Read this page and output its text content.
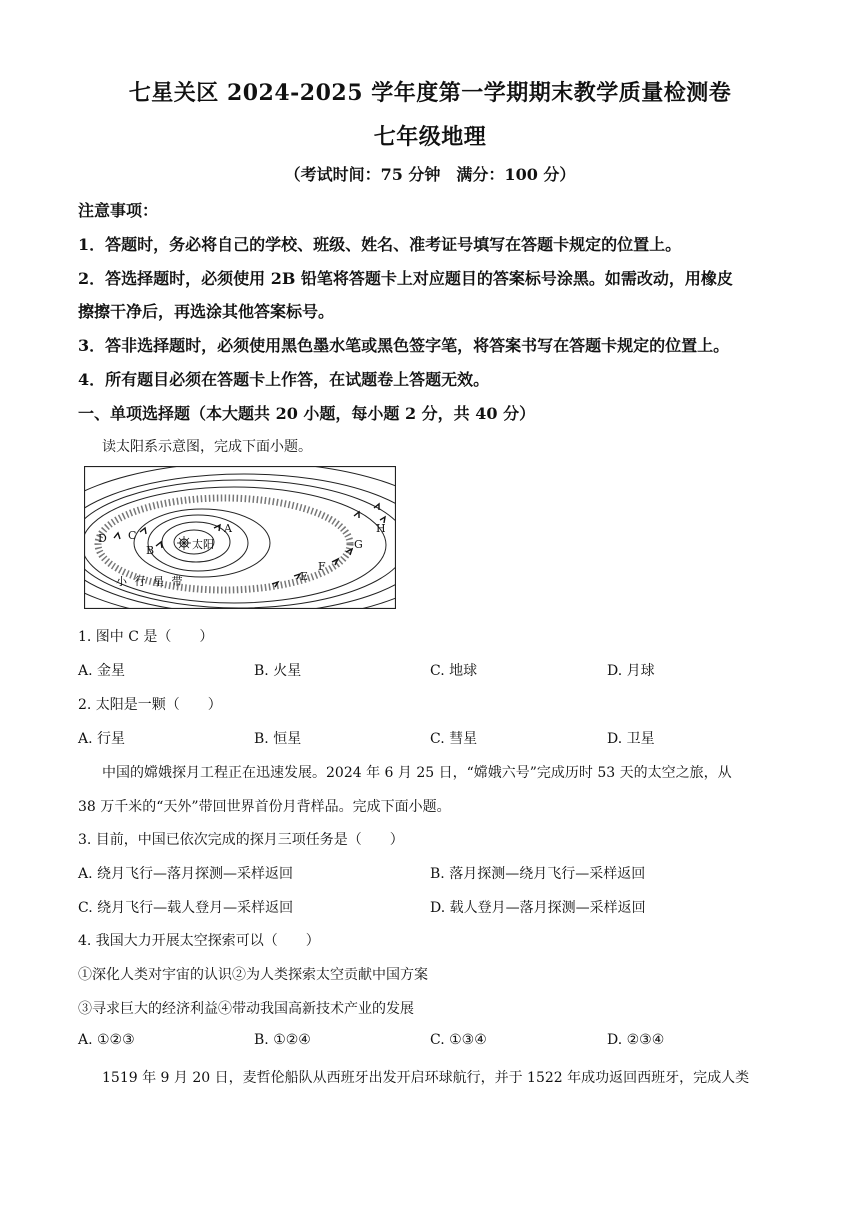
七星关区 2024-2025 学年度第一学期期末教学质量检测卷
七年级地理
（考试时间：75 分钟　满分：100 分）
注意事项：
1．答题时，务必将自己的学校、班级、姓名、准考证号填写在答题卡规定的位置上。
2．答选择题时，必须使用 2B 铅笔将答题卡上对应题目的答案标号涂黑。如需改动，用橡皮
擦擦干净后，再选涂其他答案标号。
3．答非选择题时，必须使用黑色墨水笔或黑色签字笔，将答案书写在答题卡规定的位置上。
4．所有题目必须在答题卡上作答，在试题卷上答题无效。
一、单项选择题（本大题共 20 小题，每小题 2 分，共 40 分）
读太阳系示意图，完成下面小题。
太阳
A
B
C
D
E
F
G
H
小 行 星 带
1. 图中 C 是（　　）
A. 金星	B. 火星	C. 地球	D. 月球
2. 太阳是一颗（　　）
A. 行星	B. 恒星	C. 彗星	D. 卫星
中国的嫦娥探月工程正在迅速发展。2024 年 6 月 25 日，“嫦娥六号”完成历时 53 天的太空之旅，从
38 万千米的“天外”带回世界首份月背样品。完成下面小题。
3. 目前，中国已依次完成的探月三项任务是（　　）
A. 绕月飞行—落月探测—采样返回	B. 落月探测—绕月飞行—采样返回
C. 绕月飞行—载人登月—采样返回	D. 载人登月—落月探测—采样返回
4. 我国大力开展太空探索可以（　　）
①深化人类对宇宙的认识②为人类探索太空贡献中国方案
③寻求巨大的经济利益④带动我国高新技术产业的发展
A. ①②③	B. ①②④	C. ①③④	D. ②③④
1519 年 9 月 20 日，麦哲伦船队从西班牙出发开启环球航行，并于 1522 年成功返回西班牙，完成人类
